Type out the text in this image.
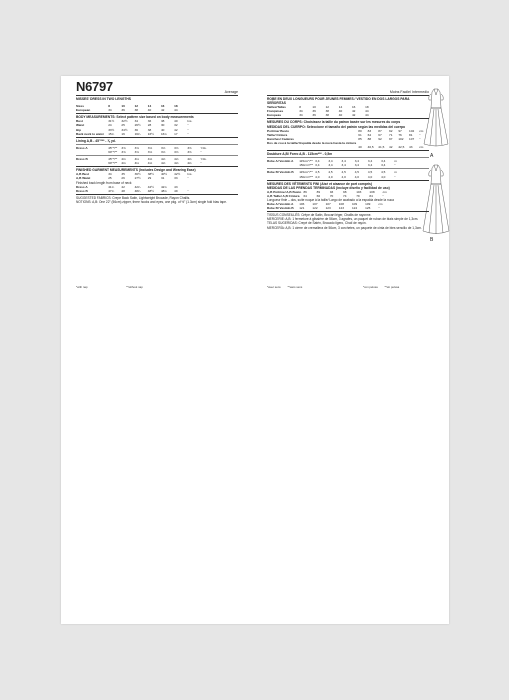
N6797	Average
MISSES' DRESS IN TWO LENGTHS
Sizes	8	10	12	14	16	18
European	34	36	38	40	42	44
BODY MEASUREMENTS: Select pattern size based on body measurements
Bust	31½	32½	34	36	38	40	Ins.
Waist	24	25	26½	28	30	32	"
Hip	33½	34½	36	38	40	42	"
Back neck to waist	15¾	16	16¼	16½	16¾	17	"
Lining A,B - 45"*** - ⅞ yd.
Dress A	45"*/**	3⅝	3⅝	3⅝	3⅝	3⅝	3⅝	Yds.
	60"*/**	3⅝	3⅝	3⅝	3⅝	3⅝	3⅝	"
Dress B	45"*/**	4⅛	4⅛	4⅛	4⅛	4⅛	4⅛	Yds.
	60"*/**	4⅛	4⅛	4⅛	4⅛	4⅛	4⅛	"
FINISHED GARMENT MEASUREMENTS (Includes Design and Wearing Ease)
A,B Bust	34	35	36½	38½	40½	42½	Ins.
A,B Waist	25	26	27½	29	31	33	"
Finished back length from base of neck
Dress A	41¾	42	42¼	42½	42¾	43	
Dress B	47¾	48	48¼	48½	48¾	49	"
SUGGESTED FABRICS: Crepe Back Satin, Lightweight Brocade, Rayon Challis.
NOTIONS: A,B: One 22" (56cm) zipper, three hooks and eyes, one pkg. of ½" (1.3cm) single fold bias tape.
*with nap	**without nap
Moins Facile/ Intermedio
ROBE EN DEUX LONGUEURS POUR JEUNES FEMMES / VESTIDO EN DOS LARGOS PARA SEÑORITAS
Tailles/Tallas	8	10	12	14	16	18	
Françaises	34	36	38	40	42	44	
Europeas	34	36	38	40	42	44	
MESURES DU CORPS: Choisissez la taille du patron basée sur les mesures du corps
MEDIDAS DEL CUERPO: Seleccione el tamaño del patrón según las medidas del cuerpo
Poitrine/ Busto	80	83	87	92	97	102	cm
Taille/ Cintura	61	64	67	71	76	81	"
Hanches/ Caderas	85	88	92	97	102	107	"
Dos de cou à la taille/ Espalda desde la nuca hasta la cintura							
	40	40,5	41,5	42	42,5	43	cm
Doublure A,B/ Forro A,B - 115cm*** - 0,5m
Robe A/ Vestido A	115cm*/**	3,4	3,4	3,4	3,4	3,4	3,4	m
	150cm*/**	3,4	3,4	3,4	3,4	3,4	3,4	"
Robe B/ Vestido B	115cm*/**	4,5	4,5	4,5	4,5	4,5	4,5	m
	150cm*/**	4,0	4,0	4,0	4,0	4,0	4,0	"
MESURES DES VÊTEMENTS FINI (Aisé et aisance de port compris)
MEDIDAS DE LAS PRENDAS TERMINADAS (incluye diseño y facilidad de uso)
A,B Poitrine/ A,B Busto	86	89	93	98	103	108	cm
A,B Taille/ A,B Cintura	64	66	70	74	79	84	"
Longueur finie – dos, suite nuque à la taille/ Largo de acabado a la espalda desde la nuca
Robe A/ Vestido A	106	107	107	108	109	109	cm
Robe B/ Vestido B	121	122	123	123	124	125	"
TISSUS CONSEILLÉS: Crêpe de Satin, Brocart léger, Challis de rayonne.
MERCERIE: A,B: 1 fermeture à glissière de 56cm, 3 agrafes, un paquet de ruban de biais simple de 1,3cm.
TELAS SUGERIDAS: Crepé de Satén, Brocado ligero, Chalí de rayón.
MERCERÍA: A,B: 1 cierre de cremallera de 56cm, 3 corchetes, un paquete de cinta de bies sencillo de 1,3cm.
*avec sens **sans sens	*con pelusa **sin pelusa
A
B
